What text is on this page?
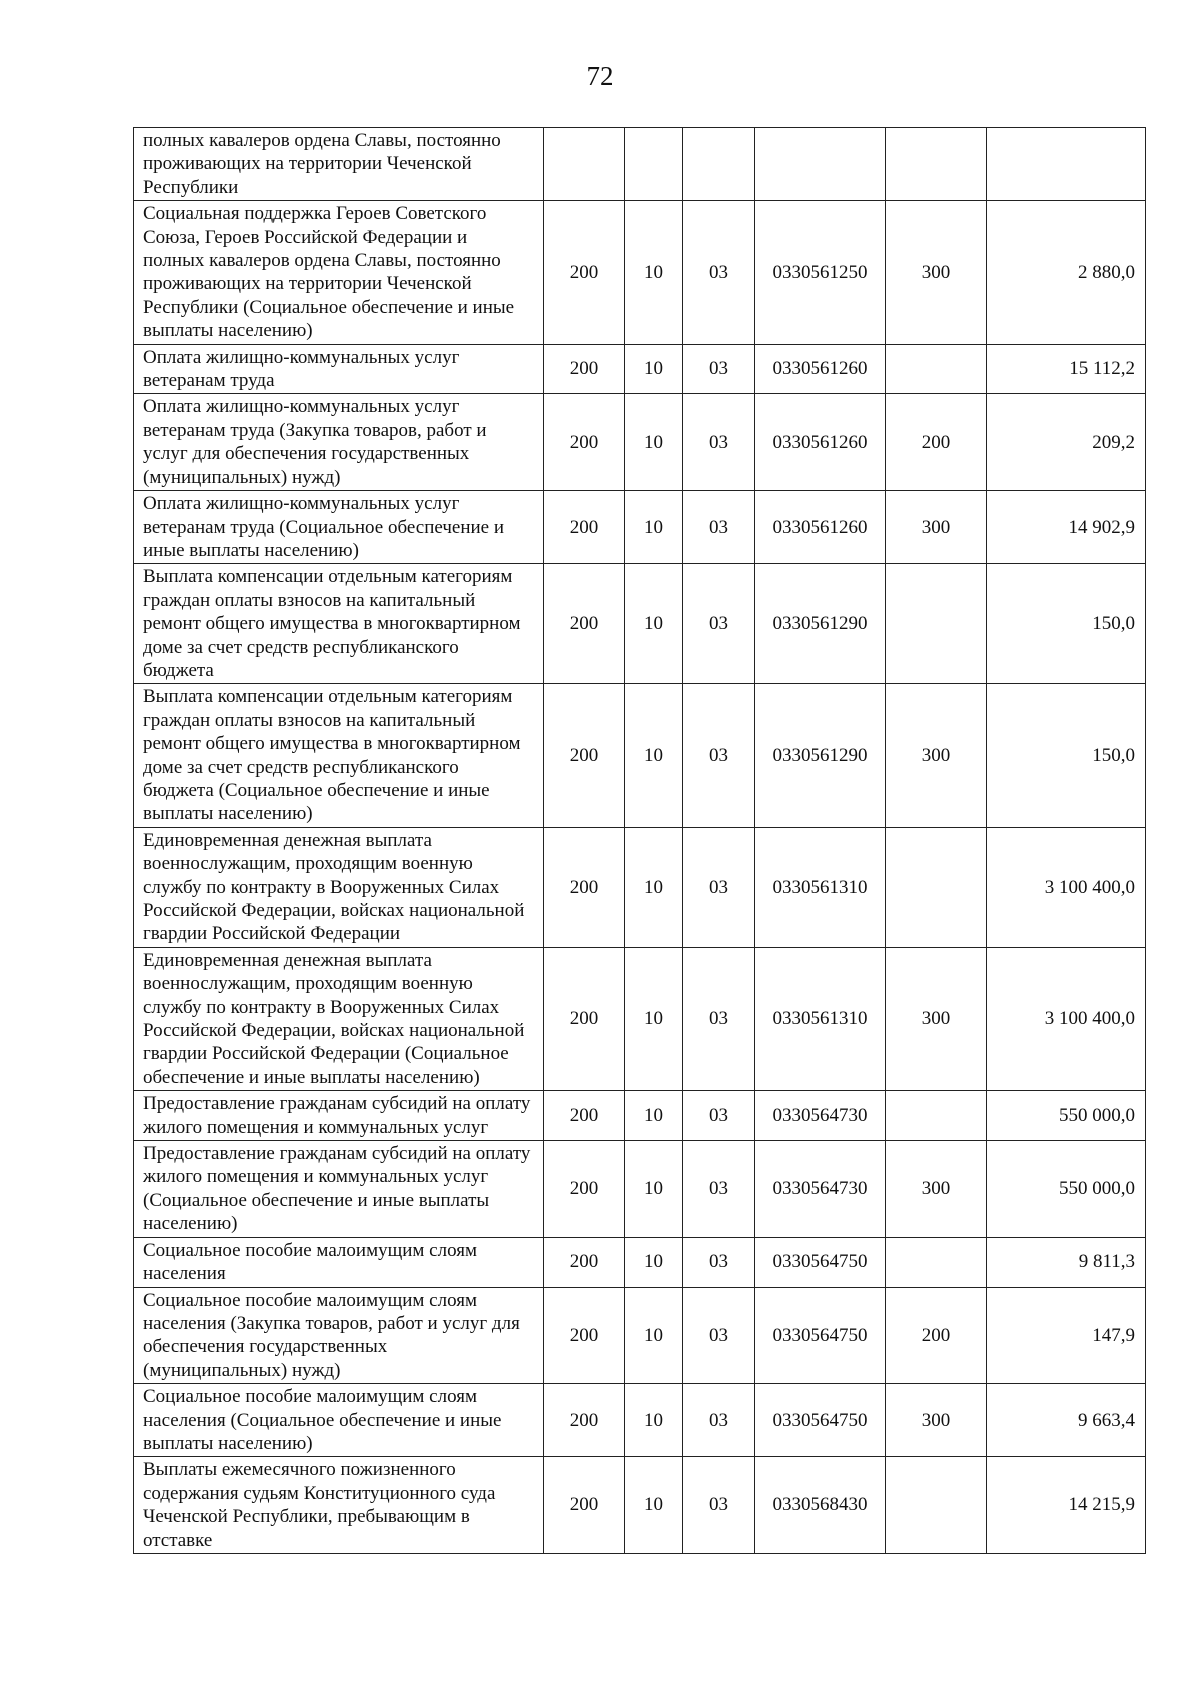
72
полных кавалеров ордена Славы, постоянно проживающих на территории Чеченской Республики						
Социальная поддержка Героев Советского Союза, Героев Российской Федерации и полных кавалеров ордена Славы, постоянно проживающих на территории Чеченской Республики (Социальное обеспечение и иные выплаты населению)	200	10	03	0330561250	300	2 880,0
Оплата жилищно-коммунальных услуг ветеранам труда	200	10	03	0330561260		15 112,2
Оплата жилищно-коммунальных услуг ветеранам труда (Закупка товаров, работ и услуг для обеспечения государственных (муниципальных) нужд)	200	10	03	0330561260	200	209,2
Оплата жилищно-коммунальных услуг ветеранам труда (Социальное обеспечение и иные выплаты населению)	200	10	03	0330561260	300	14 902,9
Выплата компенсации отдельным категориям граждан оплаты взносов на капитальный ремонт общего имущества в многоквартирном доме за счет средств республиканского бюджета	200	10	03	0330561290		150,0
Выплата компенсации отдельным категориям граждан оплаты взносов на капитальный ремонт общего имущества в многоквартирном доме за счет средств республиканского бюджета (Социальное обеспечение и иные выплаты населению)	200	10	03	0330561290	300	150,0
Единовременная денежная выплата военнослужащим, проходящим военную службу по контракту в Вооруженных Силах Российской Федерации, войсках национальной гвардии Российской Федерации	200	10	03	0330561310		3 100 400,0
Единовременная денежная выплата военнослужащим, проходящим военную службу по контракту в Вооруженных Силах Российской Федерации, войсках национальной гвардии Российской Федерации (Социальное обеспечение и иные выплаты населению)	200	10	03	0330561310	300	3 100 400,0
Предоставление гражданам субсидий на оплату жилого помещения и коммунальных услуг	200	10	03	0330564730		550 000,0
Предоставление гражданам субсидий на оплату жилого помещения и коммунальных услуг (Социальное обеспечение и иные выплаты населению)	200	10	03	0330564730	300	550 000,0
Социальное пособие малоимущим слоям населения	200	10	03	0330564750		9 811,3
Социальное пособие малоимущим слоям населения (Закупка товаров, работ и услуг для обеспечения государственных (муниципальных) нужд)	200	10	03	0330564750	200	147,9
Социальное пособие малоимущим слоям населения (Социальное обеспечение и иные выплаты населению)	200	10	03	0330564750	300	9 663,4
Выплаты ежемесячного пожизненного содержания судьям Конституционного суда Чеченской Республики, пребывающим в отставке	200	10	03	0330568430		14 215,9
